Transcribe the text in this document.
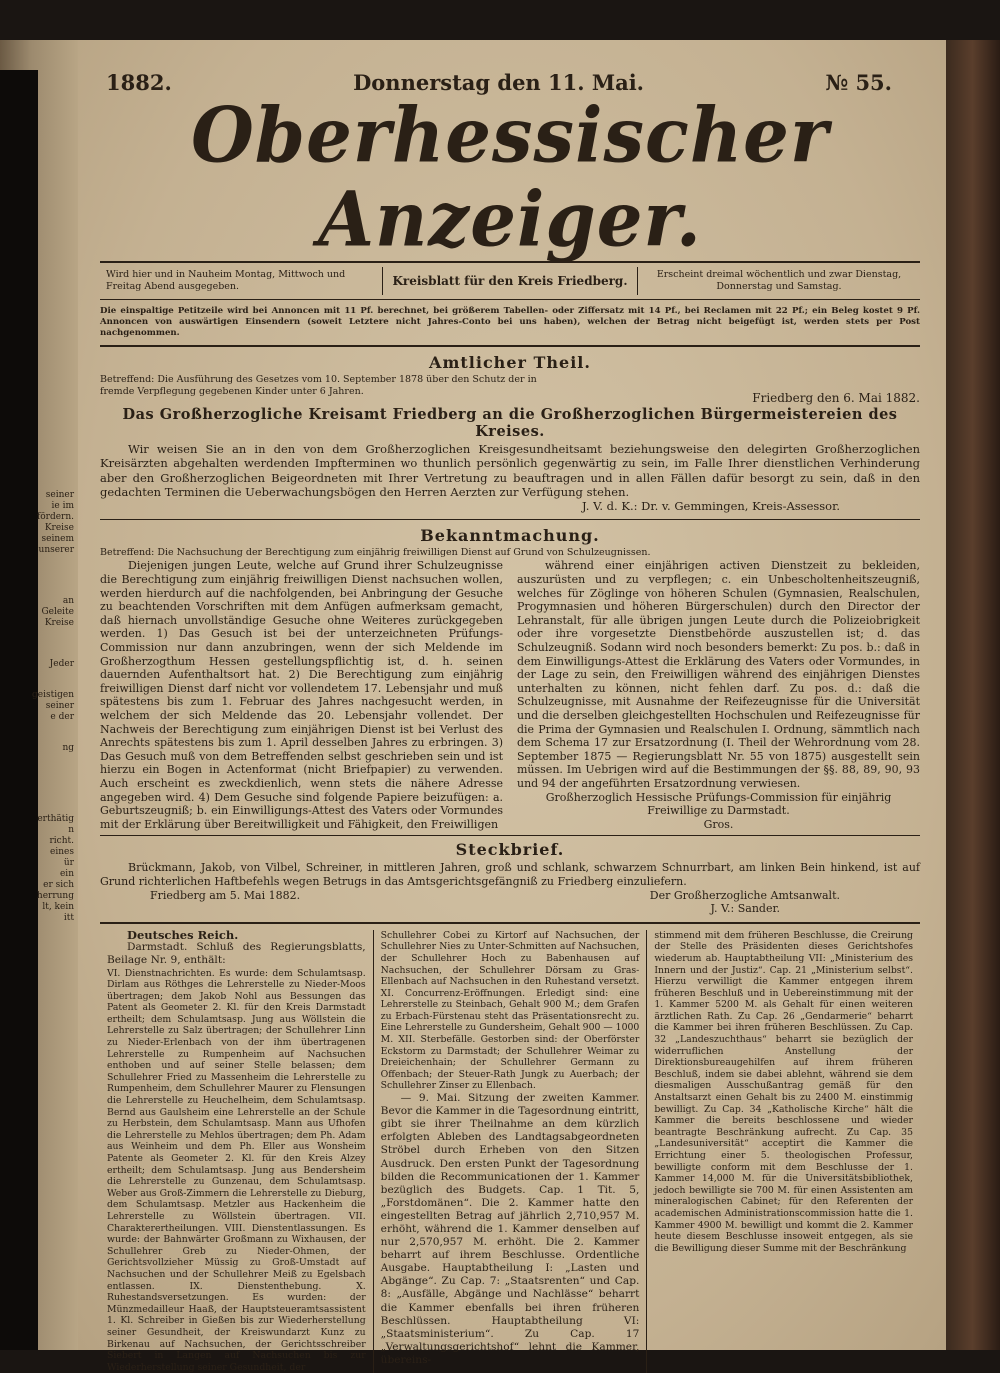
seiner
ie im
fördern.
Kreise
seinem
unserer
an
Geleite
Kreise
Jeder
geistigen
seiner
e der
ng
erthätig
n
richt.
eines
ür
ein
er sich
herrung
lt, kein
itt
1882.	Donnerstag den 11. Mai.	№ 55.
Oberhessischer Anzeiger.
Wird hier und in Nauheim Montag, Mittwoch und Freitag Abend ausgegeben.	Kreisblatt für den Kreis Friedberg.	Erscheint dreimal wöchentlich und zwar Dienstag, Donnerstag und Samstag.
Die einspaltige Petitzeile wird bei Annoncen mit 11 Pf. berechnet, bei größerem Tabellen- oder Ziffersatz mit 14 Pf., bei Reclamen mit 22 Pf.; ein Beleg kostet 9 Pf. Annoncen von auswärtigen Einsendern (soweit Letztere nicht Jahres-Conto bei uns haben), welchen der Betrag nicht beigefügt ist, werden stets per Post nachgenommen.
Amtlicher Theil.
Betreffend: Die Ausführung des Gesetzes vom 10. September 1878 über den Schutz der in fremde Verpflegung gegebenen Kinder unter 6 Jahren.	Friedberg den 6. Mai 1882.
Das Großherzogliche Kreisamt Friedberg an die Großherzoglichen Bürgermeistereien des Kreises.
Wir weisen Sie an in den von dem Großherzoglichen Kreisgesundheitsamt beziehungsweise den delegirten Großherzoglichen Kreisärzten abgehalten werdenden Impfterminen wo thunlich persönlich gegenwärtig zu sein, im Falle Ihrer dienstlichen Verhinderung aber den Großherzoglichen Beigeordneten mit Ihrer Vertretung zu beauftragen und in allen Fällen dafür besorgt zu sein, daß in den gedachten Terminen die Ueberwachungsbögen den Herren Aerzten zur Verfügung stehen.
J. V. d. K.: Dr. v. Gemmingen, Kreis-Assessor.
Bekanntmachung.
Betreffend: Die Nachsuchung der Berechtigung zum einjährig freiwilligen Dienst auf Grund von Schulzeugnissen.
Diejenigen jungen Leute, welche auf Grund ihrer Schulzeugnisse die Berechtigung zum einjährig freiwilligen Dienst nachsuchen wollen, werden hierdurch auf die nachfolgenden, bei Anbringung der Gesuche zu beachtenden Vorschriften mit dem Anfügen aufmerksam gemacht, daß hiernach unvollständige Gesuche ohne Weiteres zurückgegeben werden. 1) Das Gesuch ist bei der unterzeichneten Prüfungs-Commission nur dann anzubringen, wenn der sich Meldende im Großherzogthum Hessen gestellungspflichtig ist, d. h. seinen dauernden Aufenthaltsort hat. 2) Die Berechtigung zum einjährig freiwilligen Dienst darf nicht vor vollendetem 17. Lebensjahr und muß spätestens bis zum 1. Februar des Jahres nachgesucht werden, in welchem der sich Meldende das 20. Lebensjahr vollendet. Der Nachweis der Berechtigung zum einjährigen Dienst ist bei Verlust des Anrechts spätestens bis zum 1. April desselben Jahres zu erbringen. 3) Das Gesuch muß von dem Betreffenden selbst geschrieben sein und ist hierzu ein Bogen in Actenformat (nicht Briefpapier) zu verwenden. Auch erscheint es zweckdienlich, wenn stets die nähere Adresse angegeben wird. 4) Dem Gesuche sind folgende Papiere beizufügen: a. Geburtszeugniß; b. ein Einwilligungs-Attest des Vaters oder Vormundes mit der Erklärung über Bereitwilligkeit und Fähigkeit, den Freiwilligen
während einer einjährigen activen Dienstzeit zu bekleiden, auszurüsten und zu verpflegen; c. ein Unbescholtenheitszeugniß, welches für Zöglinge von höheren Schulen (Gymnasien, Realschulen, Progymnasien und höheren Bürgerschulen) durch den Director der Lehranstalt, für alle übrigen jungen Leute durch die Polizeiobrigkeit oder ihre vorgesetzte Dienstbehörde auszustellen ist; d. das Schulzeugniß. Sodann wird noch besonders bemerkt: Zu pos. b.: daß in dem Einwilligungs-Attest die Erklärung des Vaters oder Vormundes, in der Lage zu sein, den Freiwilligen während des einjährigen Dienstes unterhalten zu können, nicht fehlen darf. Zu pos. d.: daß die Schulzeugnisse, mit Ausnahme der Reifezeugnisse für die Universität und die derselben gleichgestellten Hochschulen und Reifezeugnisse für die Prima der Gymnasien und Realschulen I. Ordnung, sämmtlich nach dem Schema 17 zur Ersatzordnung (I. Theil der Wehrordnung vom 28. September 1875 — Regierungsblatt Nr. 55 von 1875) ausgestellt sein müssen. Im Uebrigen wird auf die Bestimmungen der §§. 88, 89, 90, 93 und 94 der angeführten Ersatzordnung verwiesen.
Großherzoglich Hessische Prüfungs-Commission für einjährig Freiwillige zu Darmstadt.
Gros.
Steckbrief.
Brückmann, Jakob, von Vilbel, Schreiner, in mittleren Jahren, groß und schlank, schwarzem Schnurrbart, am linken Bein hinkend, ist auf Grund richterlichen Haftbefehls wegen Betrugs in das Amtsgerichtsgefängniß zu Friedberg einzuliefern.
Friedberg am 5. Mai 1882.	Der Großherzogliche Amtsanwalt.
J. V.: Sander.
Deutsches Reich.
Darmstadt. Schluß des Regierungsblatts, Beilage Nr. 9, enthält:
VI. Dienstnachrichten. Es wurde: dem Schulamtsasp. Dirlam aus Röthges die Lehrerstelle zu Nieder-Moos übertragen; dem Jakob Nohl aus Bessungen das Patent als Geometer 2. Kl. für den Kreis Darmstadt ertheilt; dem Schulamtsasp. Jung aus Wöllstein die Lehrerstelle zu Salz übertragen; der Schullehrer Linn zu Nieder-Erlenbach von der ihm übertragenen Lehrerstelle zu Rumpenheim auf Nachsuchen enthoben und auf seiner Stelle belassen; dem Schullehrer Fried zu Massenheim die Lehrerstelle zu Rumpenheim, dem Schullehrer Maurer zu Flensungen die Lehrerstelle zu Heuchelheim, dem Schulamtsasp. Bernd aus Gaulsheim eine Lehrerstelle an der Schule zu Herbstein, dem Schulamtsasp. Mann aus Ufhofen die Lehrerstelle zu Mehlos übertragen; dem Ph. Adam aus Weinheim und dem Ph. Eller aus Wonsheim Patente als Geometer 2. Kl. für den Kreis Alzey ertheilt; dem Schulamtsasp. Jung aus Bendersheim die Lehrerstelle zu Gunzenau, dem Schulamtsasp. Weber aus Groß-Zimmern die Lehrerstelle zu Dieburg, dem Schulamtsasp. Metzler aus Hackenheim die Lehrerstelle zu Wöllstein übertragen. VII. Charakterertheilungen. VIII. Dienstentlassungen. Es wurde: der Bahnwärter Großmann zu Wixhausen, der Schullehrer Greb zu Nieder-Ohmen, der Gerichtsvollzieher Müssig zu Groß-Umstadt auf Nachsuchen und der Schullehrer Meiß zu Egelsbach entlassen. IX. Dienstenthebung. X. Ruhestandsversetzungen. Es wurden: der Münzmedailleur Haaß, der Hauptsteueramtsassistent 1. Kl. Schreiber in Gießen bis zur Wiederherstellung seiner Gesundheit, der Kreiswundarzt Kunz zu Birkenau auf Nachsuchen, der Gerichtsschreiber Siebert in Langen auf Nachsuchen bis zur Wiederherstellung seiner Gesundheit, der
Schullehrer Cobei zu Kirtorf auf Nachsuchen, der Schullehrer Nies zu Unter-Schmitten auf Nachsuchen, der Schullehrer Hoch zu Babenhausen auf Nachsuchen, der Schullehrer Dörsam zu Gras-Ellenbach auf Nachsuchen in den Ruhestand versetzt. XI. Concurrenz-Eröffnungen. Erledigt sind: eine Lehrerstelle zu Steinbach, Gehalt 900 M.; dem Grafen zu Erbach-Fürstenau steht das Präsentationsrecht zu. Eine Lehrerstelle zu Gundersheim, Gehalt 900 — 1000 M. XII. Sterbefälle. Gestorben sind: der Oberförster Eckstorm zu Darmstadt; der Schullehrer Weimar zu Dreieichenhain; der Schullehrer Germann zu Offenbach; der Steuer-Rath Jungk zu Auerbach; der Schullehrer Zinser zu Ellenbach.
— 9. Mai. Sitzung der zweiten Kammer. Bevor die Kammer in die Tagesordnung eintritt, gibt sie ihrer Theilnahme an dem kürzlich erfolgten Ableben des Landtagsabgeordneten Ströbel durch Erheben von den Sitzen Ausdruck. Den ersten Punkt der Tagesordnung bilden die Recommunicationen der 1. Kammer bezüglich des Budgets. Cap. 1 Tit. 5, „Forstdomänen“. Die 2. Kammer hatte den eingestellten Betrag auf jährlich 2,710,957 M. erhöht, während die 1. Kammer denselben auf nur 2,570,957 M. erhöht. Die 2. Kammer beharrt auf ihrem Beschlusse. Ordentliche Ausgabe. Hauptabtheilung I: „Lasten und Abgänge“. Zu Cap. 7: „Staatsrenten“ und Cap. 8: „Ausfälle, Abgänge und Nachlässe“ beharrt die Kammer ebenfalls bei ihren früheren Beschlüssen. Hauptabtheilung VI: „Staatsministerium“. Zu Cap. 17 „Verwaltungsgerichtshof“ lehnt die Kammer, übereins-
stimmend mit dem früheren Beschlusse, die Creirung der Stelle des Präsidenten dieses Gerichtshofes wiederum ab. Hauptabtheilung VII: „Ministerium des Innern und der Justiz“. Cap. 21 „Ministerium selbst“. Hierzu verwilligt die Kammer entgegen ihrem früheren Beschluß und in Uebereinstimmung mit der 1. Kammer 5200 M. als Gehalt für einen weiteren ärztlichen Rath. Zu Cap. 26 „Gendarmerie“ beharrt die Kammer bei ihren früheren Beschlüssen. Zu Cap. 32 „Landeszuchthaus“ beharrt sie bezüglich der widerruflichen Anstellung der Direktionsbureaugehilfen auf ihrem früheren Beschluß, indem sie dabei ablehnt, während sie dem diesmaligen Ausschußantrag gemäß für den Anstaltsarzt einen Gehalt bis zu 2400 M. einstimmig bewilligt. Zu Cap. 34 „Katholische Kirche“ hält die Kammer die bereits beschlossene und wieder beantragte Beschränkung aufrecht. Zu Cap. 35 „Landesuniversität“ acceptirt die Kammer die Errichtung einer 5. theologischen Professur, bewilligte conform mit dem Beschlusse der 1. Kammer 14,000 M. für die Universitätsbibliothek, jedoch bewilligte sie 700 M. für einen Assistenten am mineralogischen Cabinet; für den Referenten der academischen Administrationscommission hatte die 1. Kammer 4900 M. bewilligt und kommt die 2. Kammer heute diesem Beschlusse insoweit entgegen, als sie die Bewilligung dieser Summe mit der Beschränkung
